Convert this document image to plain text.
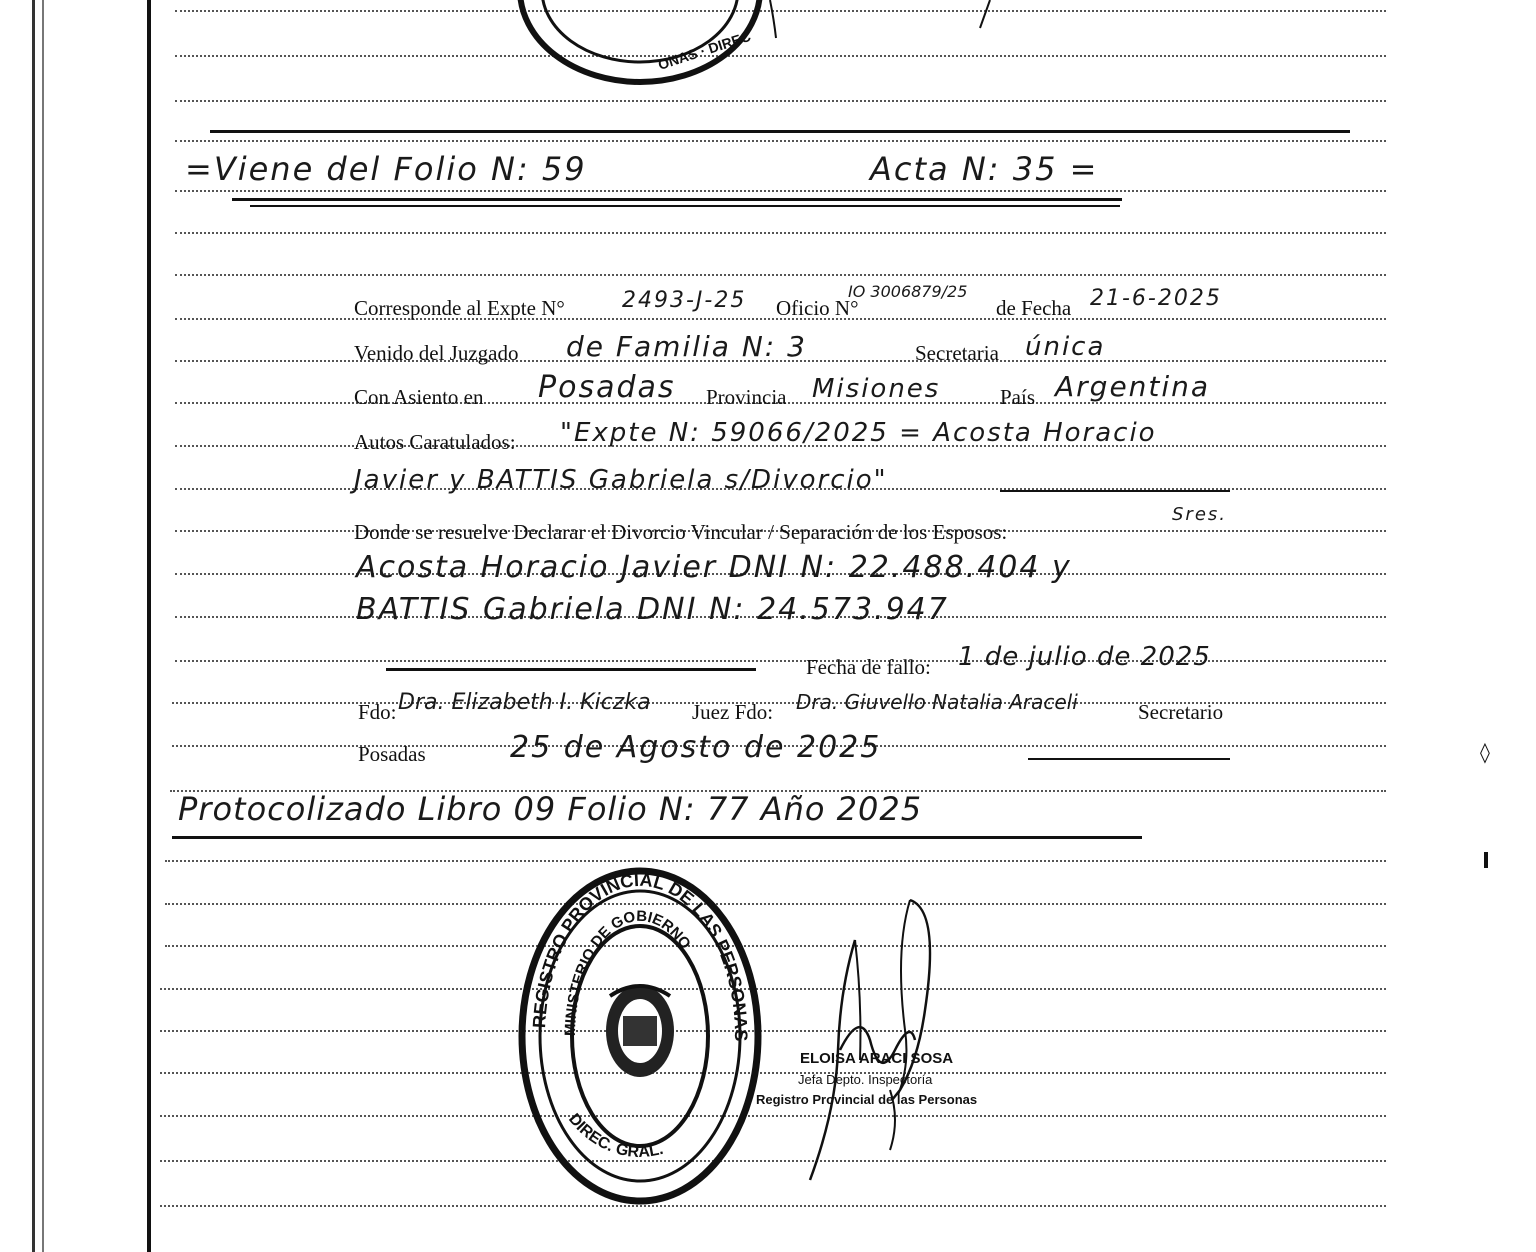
ONAS · DIREC
=Viene del Folio N: 59	Acta N: 35 =
Corresponde al Expte N°	2493-J-25 Oficio N°
IO 3006879/25
de Fecha 21-6-2025
Venido del Juzgado de Familia N: 3	Secretaria única
Con Asiento en Posadas Provincia Misiones	País Argentina
Autos Caratulados: "Expte N: 59066/2025 = Acosta Horacio
Javier y BATTIS Gabriela s/Divorcio"
Donde se resuelve Declarar el Divorcio Vincular / Separación de los Esposos:
Sres.
Acosta Horacio Javier DNI N: 22.488.404 y
BATTIS Gabriela DNI N: 24.573.947
Fecha de fallo: 1 de julio de 2025
Fdo: Dra. Elizabeth I. Kiczka Juez Fdo: Dra. Giuvello Natalia Araceli	Secretario
Posadas	25 de Agosto de 2025
Protocolizado Libro 09 Folio N: 77 Año 2025
REGISTRO PROVINCIAL DE LAS PERSONAS
MINISTERIO DE GOBIERNO
DIREC. GRAL.
ELOISA ARACI SOSA
Jefa Depto. Inspectoría
Registro Provincial de las Personas
◊
